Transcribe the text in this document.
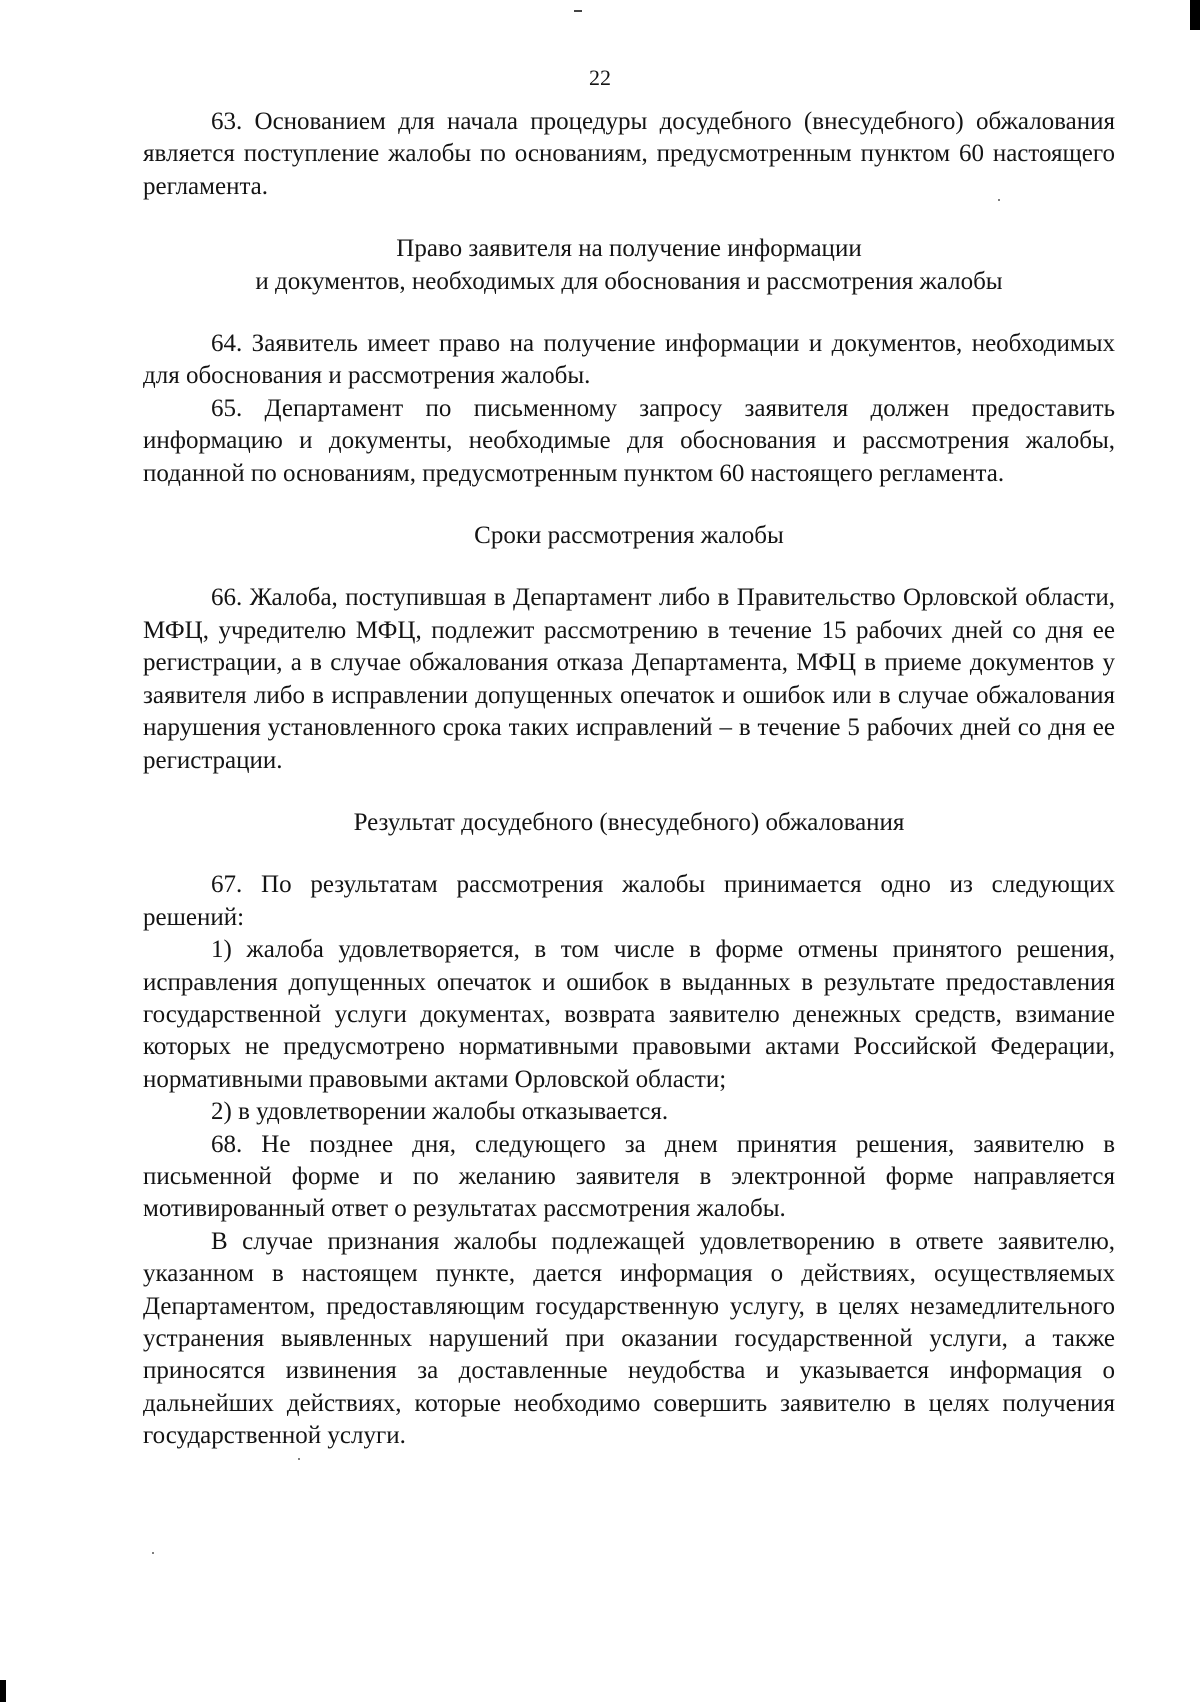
22

63. Основанием для начала процедуры досудебного (внесудебного) обжалования является поступление жалобы по основаниям, предусмотренным пунктом 60 настоящего регламента.

Право заявителя на получение информации
и документов, необходимых для обоснования и рассмотрения жалобы

64. Заявитель имеет право на получение информации и документов, необходимых для обоснования и рассмотрения жалобы.

65. Департамент по письменному запросу заявителя должен предоставить информацию и документы, необходимые для обоснования и рассмотрения жалобы, поданной по основаниям, предусмотренным пунктом 60 настоящего регламента.

Сроки рассмотрения жалобы

66. Жалоба, поступившая в Департамент либо в Правительство Орловской области, МФЦ, учредителю МФЦ, подлежит рассмотрению в течение 15 рабочих дней со дня ее регистрации, а в случае обжалования отказа Департамента, МФЦ в приеме документов у заявителя либо в исправлении допущенных опечаток и ошибок или в случае обжалования нарушения установленного срока таких исправлений – в течение 5 рабочих дней со дня ее регистрации.

Результат досудебного (внесудебного) обжалования

67. По результатам рассмотрения жалобы принимается одно из следующих решений:

1) жалоба удовлетворяется, в том числе в форме отмены принятого решения, исправления допущенных опечаток и ошибок в выданных в результате предоставления государственной услуги документах, возврата заявителю денежных средств, взимание которых не предусмотрено нормативными правовыми актами Российской Федерации, нормативными правовыми актами Орловской области;

2) в удовлетворении жалобы отказывается.

68. Не позднее дня, следующего за днем принятия решения, заявителю в письменной форме и по желанию заявителя в электронной форме направляется мотивированный ответ о результатах рассмотрения жалобы.

В случае признания жалобы подлежащей удовлетворению в ответе заявителю, указанном в настоящем пункте, дается информация о действиях, осуществляемых Департаментом, предоставляющим государственную услугу, в целях незамедлительного устранения выявленных нарушений при оказании государственной услуги, а также приносятся извинения за доставленные неудобства и указывается информация о дальнейших действиях, которые необходимо совершить заявителю в целях получения государственной услуги.
